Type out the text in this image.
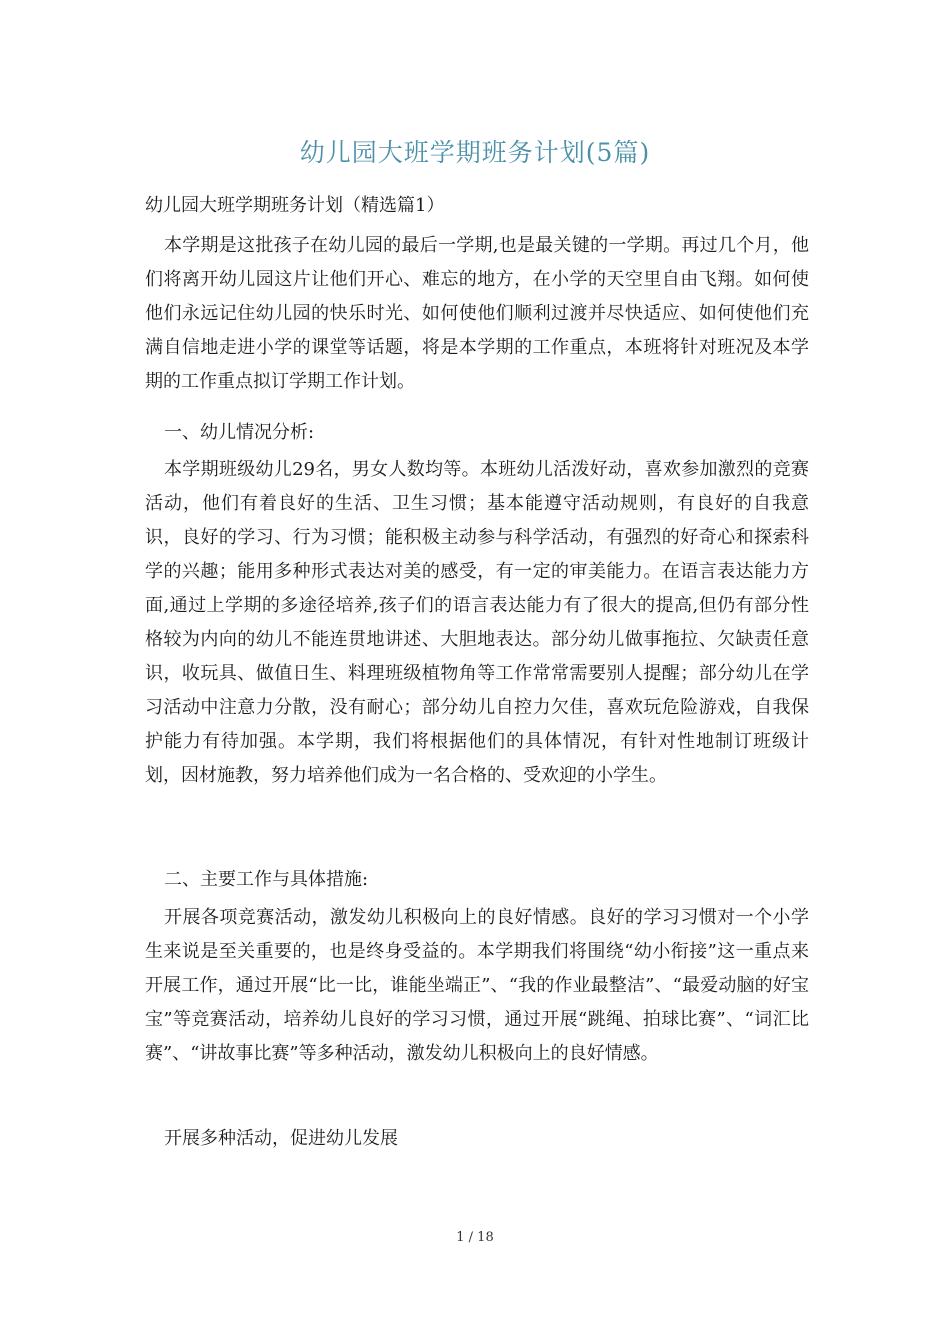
幼儿园大班学期班务计划(5篇)
幼儿园大班学期班务计划（精选篇1）
本学期是这批孩子在幼儿园的最后一学期,也是最关键的一学期。再过几个月，他们将离开幼儿园这片让他们开心、难忘的地方，在小学的天空里自由飞翔。如何使他们永远记住幼儿园的快乐时光、如何使他们顺利过渡并尽快适应、如何使他们充满自信地走进小学的课堂等话题，将是本学期的工作重点，本班将针对班况及本学期的工作重点拟订学期工作计划。
一、幼儿情况分析:
本学期班级幼儿29名，男女人数均等。本班幼儿活泼好动，喜欢参加激烈的竞赛活动，他们有着良好的生活、卫生习惯；基本能遵守活动规则，有良好的自我意识，良好的学习、行为习惯；能积极主动参与科学活动，有强烈的好奇心和探索科学的兴趣；能用多种形式表达对美的感受，有一定的审美能力。在语言表达能力方面,通过上学期的多途径培养,孩子们的语言表达能力有了很大的提高,但仍有部分性格较为内向的幼儿不能连贯地讲述、大胆地表达。部分幼儿做事拖拉、欠缺责任意识，收玩具、做值日生、料理班级植物角等工作常常需要别人提醒；部分幼儿在学习活动中注意力分散，没有耐心；部分幼儿自控力欠佳，喜欢玩危险游戏，自我保护能力有待加强。本学期，我们将根据他们的具体情况，有针对性地制订班级计划，因材施教，努力培养他们成为一名合格的、受欢迎的小学生。
二、主要工作与具体措施:
开展各项竞赛活动，激发幼儿积极向上的良好情感。良好的学习习惯对一个小学生来说是至关重要的，也是终身受益的。本学期我们将围绕“幼小衔接”这一重点来开展工作，通过开展“比一比，谁能坐端正”、“我的作业最整洁”、“最爱动脑的好宝宝”等竞赛活动，培养幼儿良好的学习习惯，通过开展“跳绳、拍球比赛”、“词汇比赛”、“讲故事比赛”等多种活动，激发幼儿积极向上的良好情感。
开展多种活动，促进幼儿发展
1 / 18
